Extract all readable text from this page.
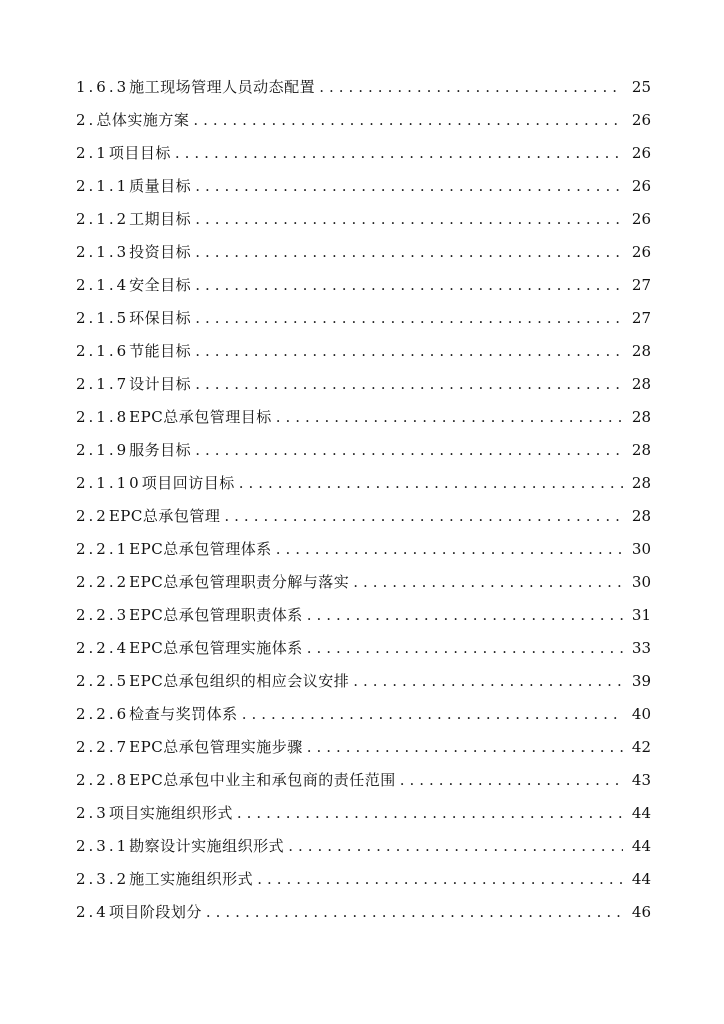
1.6.3 施工现场管理人员动态配置 .....	25
2. 总体实施方案 .....	26
2.1 项目目标 .....	26
2.1.1 质量目标 .....	26
2.1.2 工期目标 .....	26
2.1.3 投资目标 .....	26
2.1.4 安全目标 .....	27
2.1.5 环保目标 .....	27
2.1.6 节能目标 .....	28
2.1.7 设计目标 .....	28
2.1.8 EPC总承包管理目标 .....	28
2.1.9 服务目标 .....	28
2.1.10 项目回访目标 .....	28
2.2 EPC总承包管理 .....	28
2.2.1 EPC总承包管理体系 .....	30
2.2.2 EPC总承包管理职责分解与落实 .....	30
2.2.3 EPC总承包管理职责体系 .....	31
2.2.4 EPC总承包管理实施体系 .....	33
2.2.5 EPC总承包组织的相应会议安排 .....	39
2.2.6 检查与奖罚体系 .....	40
2.2.7 EPC总承包管理实施步骤 .....	42
2.2.8 EPC总承包中业主和承包商的责任范围 .....	43
2.3 项目实施组织形式 .....	44
2.3.1 勘察设计实施组织形式 .....	44
2.3.2 施工实施组织形式 .....	44
2.4 项目阶段划分 .....	46
